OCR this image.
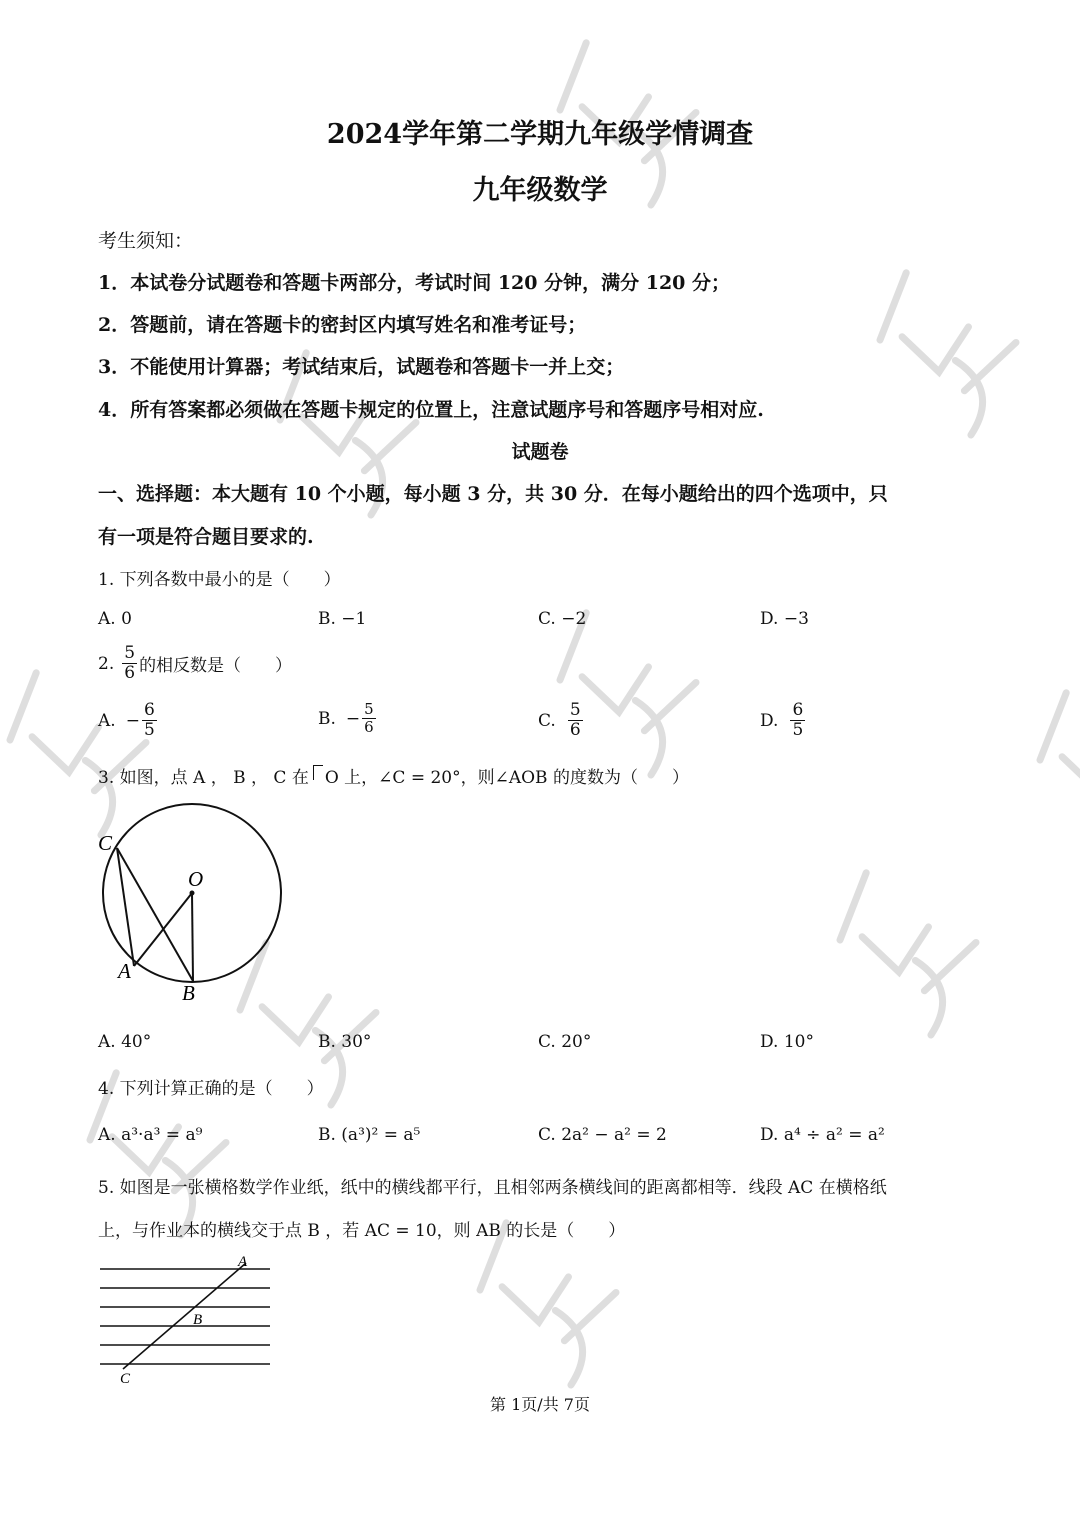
2024学年第二学期九年级学情调查
九年级数学
考生须知：
1．本试卷分试题卷和答题卡两部分，考试时间 120 分钟，满分 120 分；
2．答题前，请在答题卡的密封区内填写姓名和准考证号；
3．不能使用计算器；考试结束后，试题卷和答题卡一并上交；
4．所有答案都必须做在答题卡规定的位置上，注意试题序号和答题序号相对应.
试题卷
一、选择题：本大题有 10 个小题，每小题 3 分，共 30 分．在每小题给出的四个选项中，只
有一项是符合题目要求的.
1. 下列各数中最小的是（　　）
A. 0	B. −1	C. −2	D. −3
2. $\frac{5}{6}$ 的相反数是（　　）
A. − $\frac{6}{5}$	B. − $\frac{5}{6}$	C. $\frac{5}{6}$	D. $\frac{6}{5}$
3. 如图，点 A ， B ， C 在 O 上，∠C = 20°，则∠AOB 的度数为（　　）
C
O
A
B
A. 40°	B. 30°	C. 20°	D. 10°
4. 下列计算正确的是（　　）
A. a³·a³ = a⁹	B. (a³)² = a⁵	C. 2a² − a² = 2	D. a⁴ ÷ a² = a²
5. 如图是一张横格数学作业纸，纸中的横线都平行，且相邻两条横线间的距离都相等．线段 AC 在横格纸
上，与作业本的横线交于点 B ，若 AC = 10，则 AB 的长是（　　）
A
B
C
第 1页/共 7页
